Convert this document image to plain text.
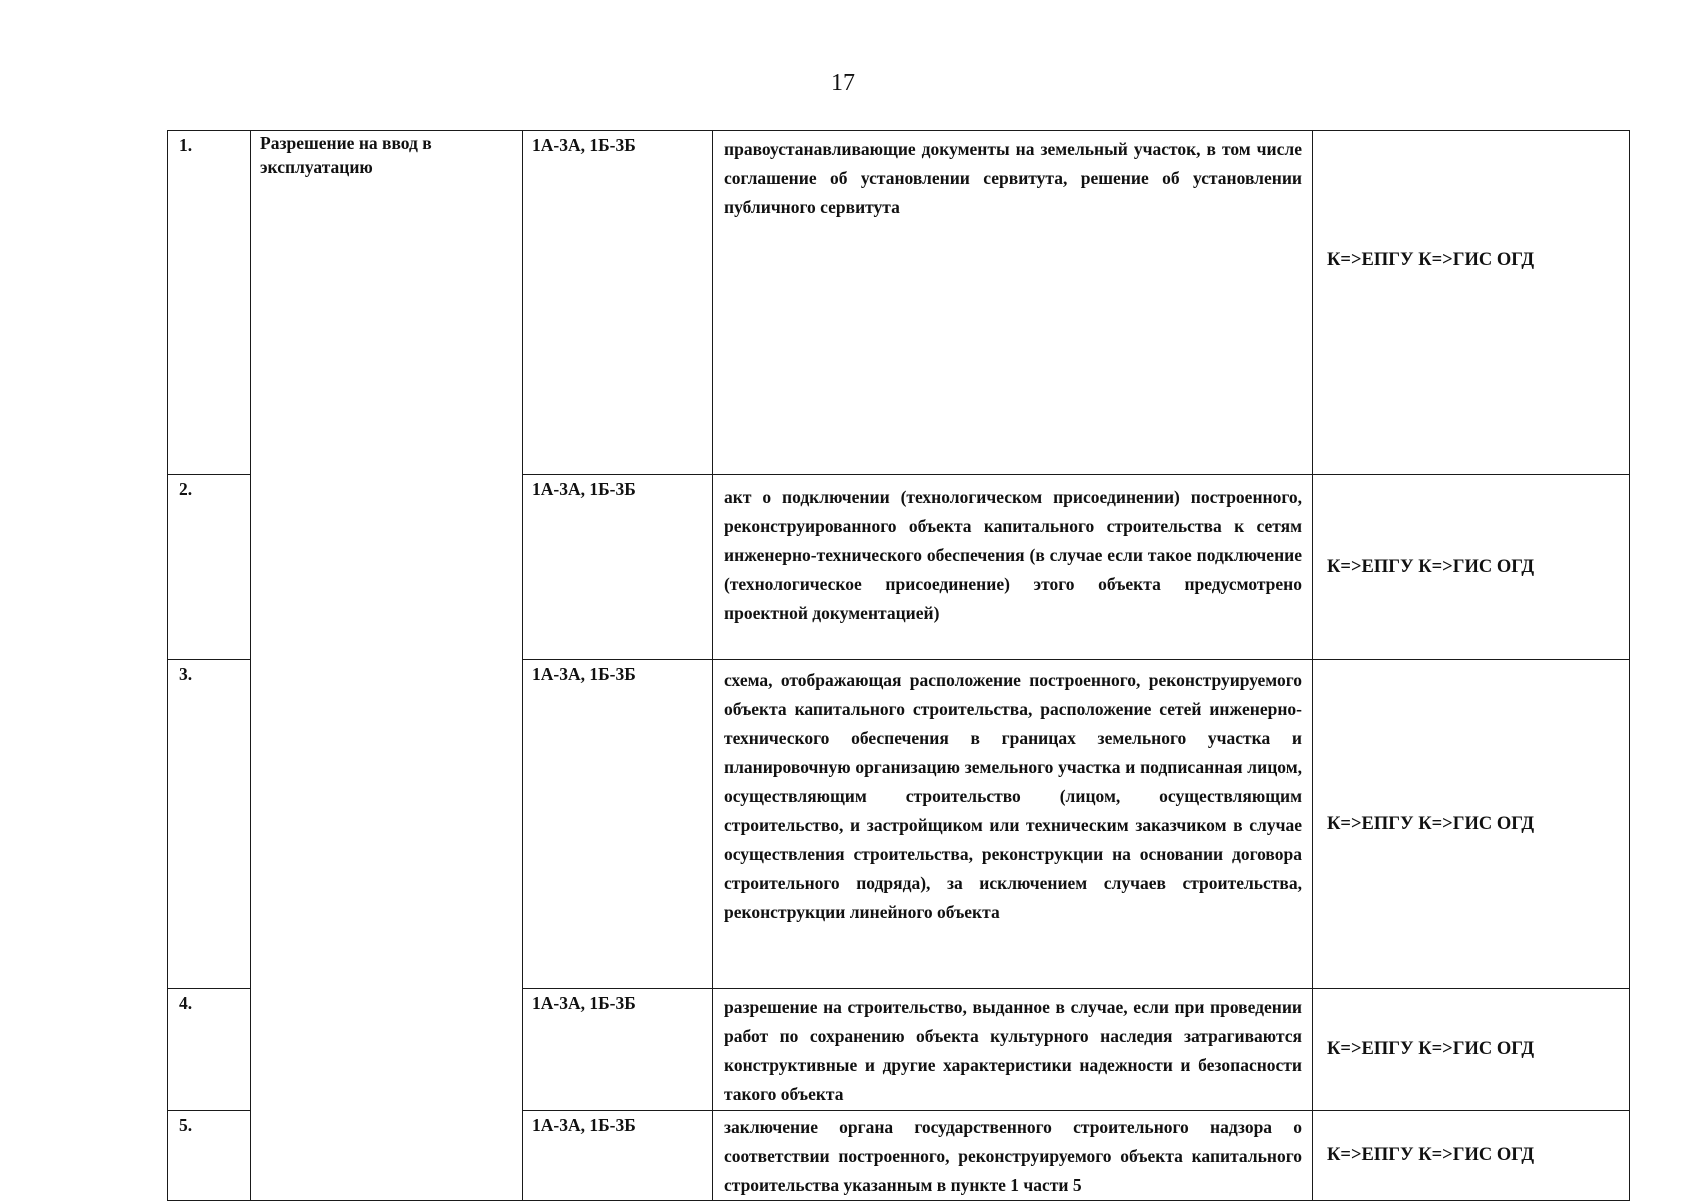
17
1.	Разрешение на ввод в эксплуатацию	1А-3А, 1Б-3Б	правоустанавливающие документы на земельный участок, в том числе соглашение об установлении сервитута, решение об установлении публичного сервитута	К=>ЕПГУ К=>ГИС ОГД
2.		1А-3А, 1Б-3Б	акт о подключении (технологическом присоединении) построенного, реконструированного объекта капитального строительства к сетям инженерно-технического обеспечения (в случае если такое подключение (технологическое присоединение) этого объекта предусмотрено проектной документацией)	К=>ЕПГУ К=>ГИС ОГД
3.		1А-3А, 1Б-3Б	схема, отображающая расположение построенного, реконструируемого объекта капитального строительства, расположение сетей инженерно-технического обеспечения в границах земельного участка и планировочную организацию земельного участка и подписанная лицом, осуществляющим строительство (лицом, осуществляющим строительство, и застройщиком или техническим заказчиком в случае осуществления строительства, реконструкции на основании договора строительного подряда), за исключением случаев строительства, реконструкции линейного объекта	К=>ЕПГУ К=>ГИС ОГД
4.		1А-3А, 1Б-3Б	разрешение на строительство, выданное в случае, если при проведении работ по сохранению объекта культурного наследия затрагиваются конструктивные и другие характеристики надежности и безопасности такого объекта	К=>ЕПГУ К=>ГИС ОГД
5.		1А-3А, 1Б-3Б	заключение органа государственного строительного надзора о соответствии построенного, реконструируемого объекта капитального строительства указанным в пункте 1 части 5	К=>ЕПГУ К=>ГИС ОГД
